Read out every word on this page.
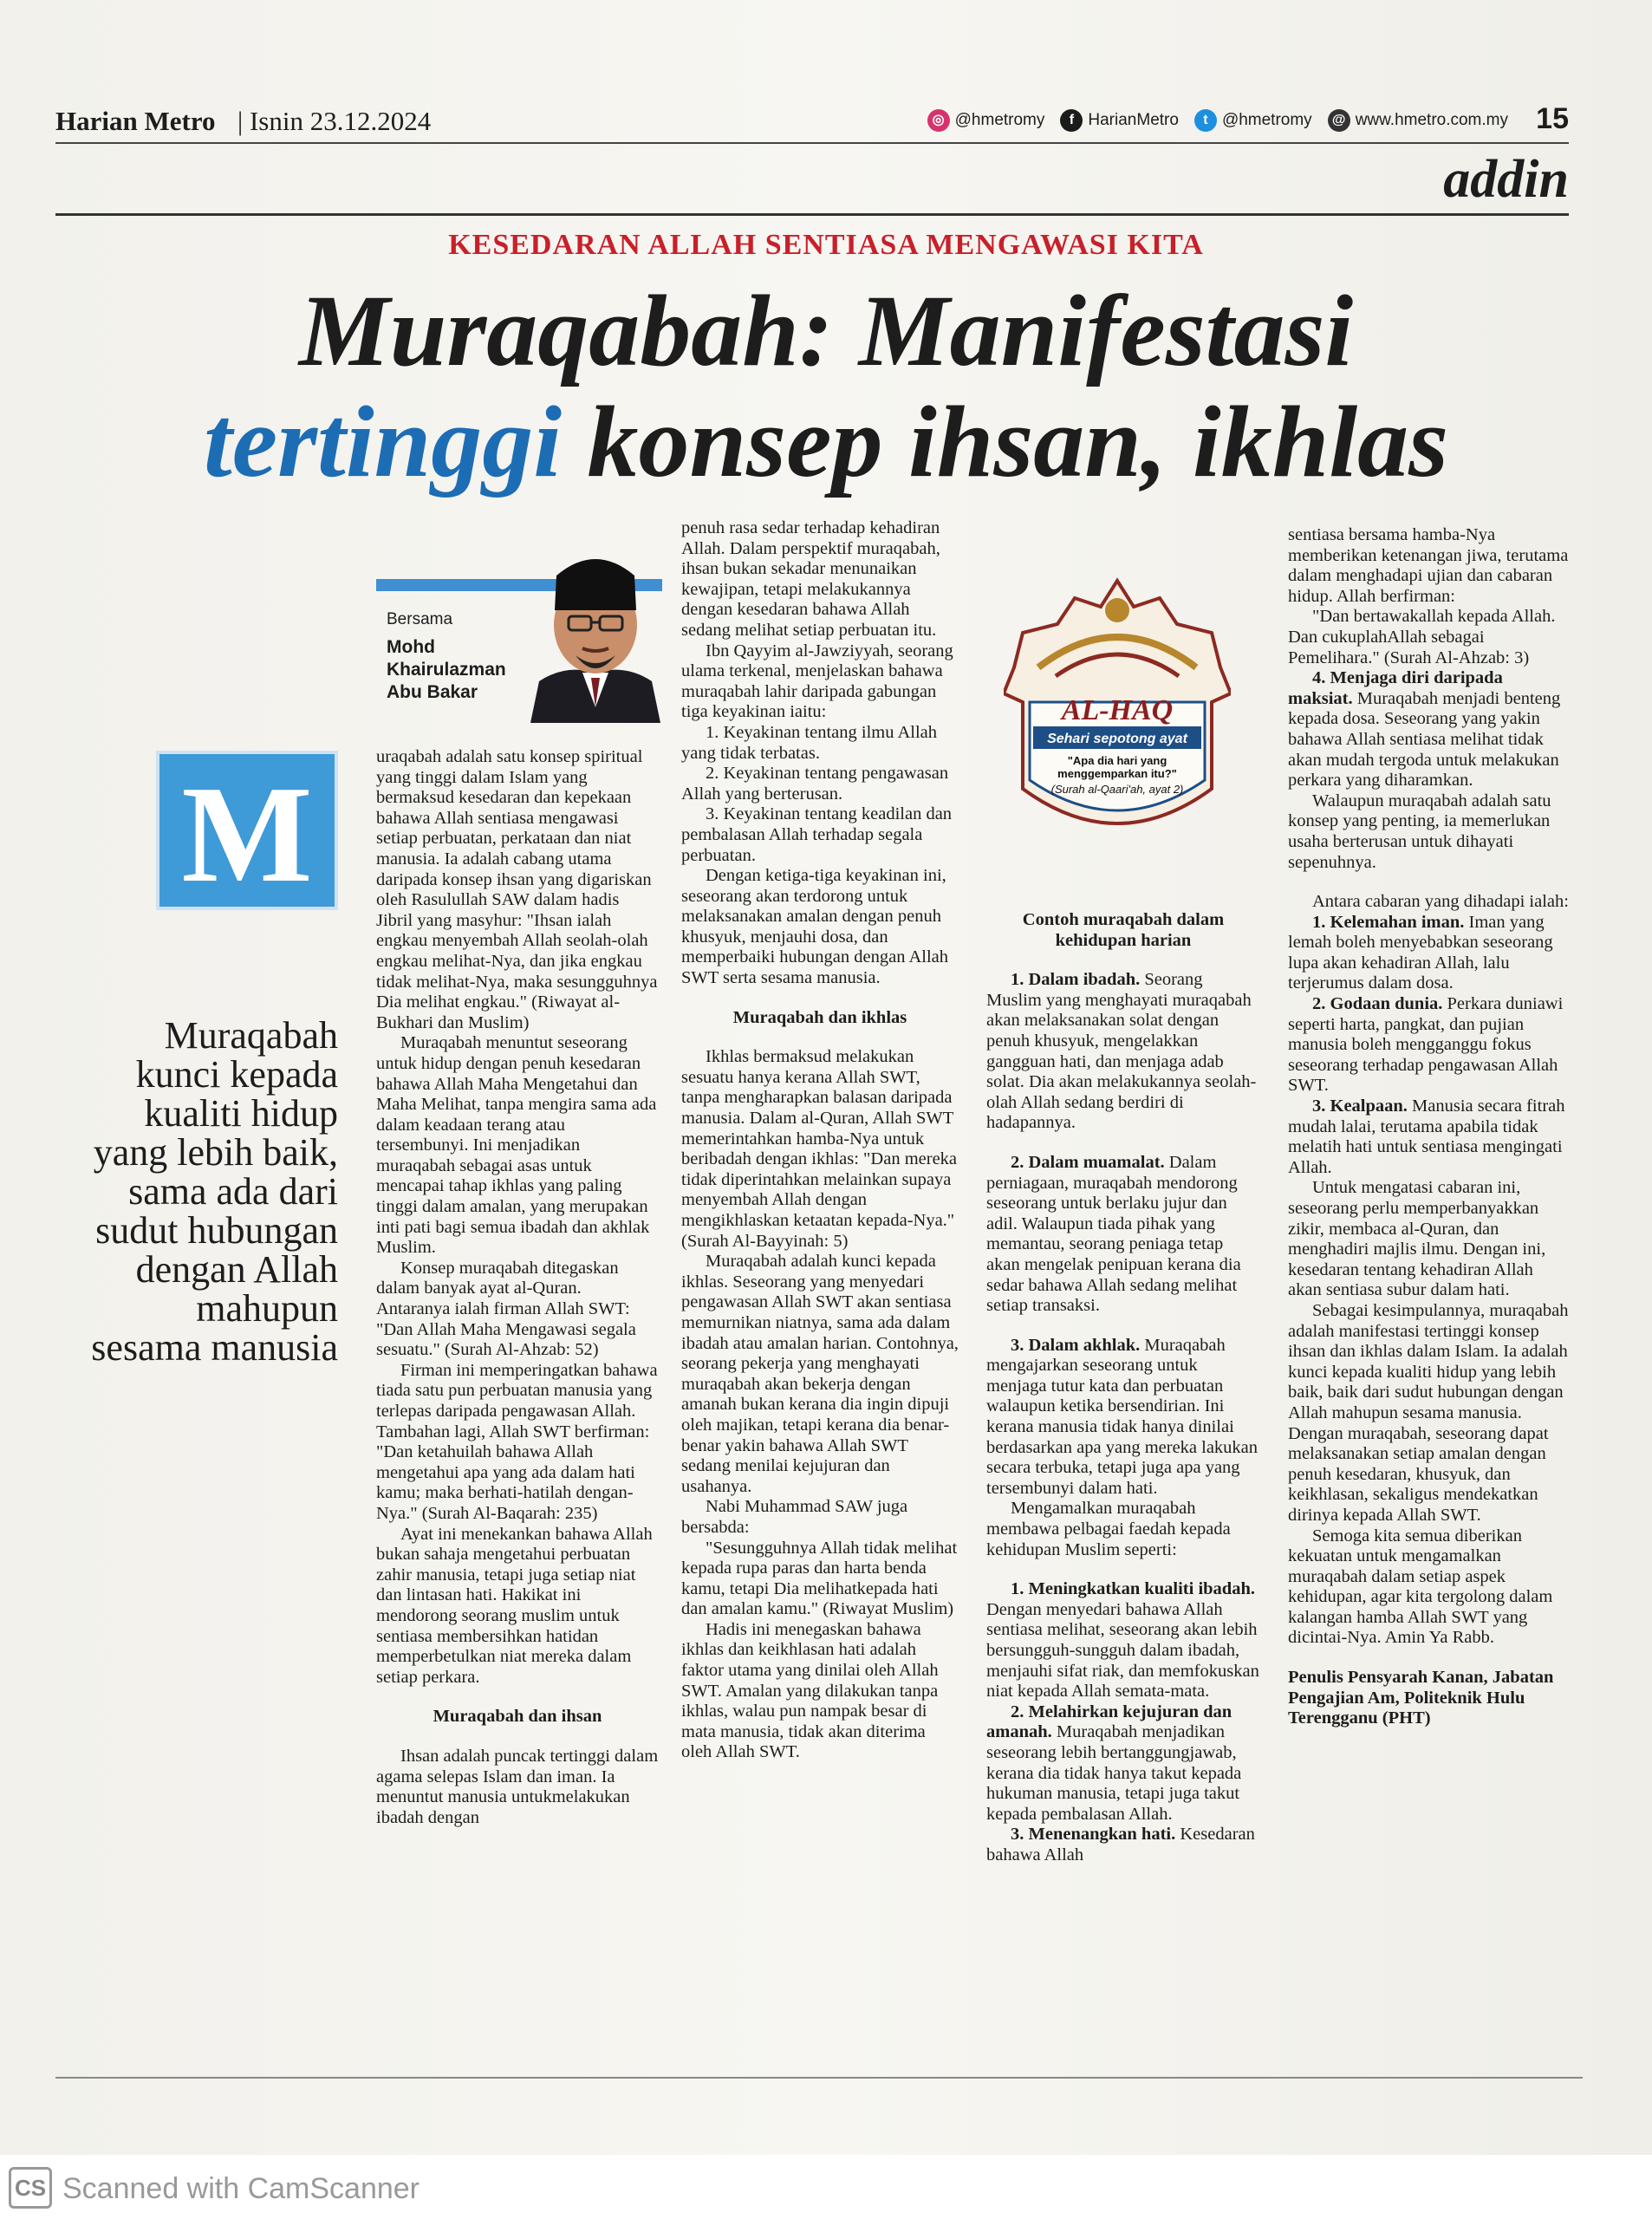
Harian Metro | Isnin 23.12.2024	◎ @hmetromy	f HarianMetro	t @hmetromy	@ www.hmetro.com.my 15
addin
KESEDARAN ALLAH SENTIASA MENGAWASI KITA
Muraqabah: Manifestasi
tertinggi konsep ihsan, ikhlas
Bersama
Mohd Khairulazman Abu Bakar
M
Muraqabah kunci kepada kualiti hidup yang lebih baik, sama ada dari sudut hubungan dengan Allah mahupun sesama manusia

uraqabah adalah satu konsep spiritual yang tinggi dalam Islam yang bermaksud kesedaran dan kepekaan bahawa Allah sentiasa mengawasi setiap perbuatan, perkataan dan niat manusia. Ia adalah cabang utama daripada konsep ihsan yang digariskan oleh Rasulullah SAW dalam hadis Jibril yang masyhur: "Ihsan ialah engkau menyembah Allah seolah-olah engkau melihat-Nya, dan jika engkau tidak melihat-Nya, maka sesungguhnya Dia melihat engkau." (Riwayat al-Bukhari dan Muslim)

Muraqabah menuntut seseorang untuk hidup dengan penuh kesedaran bahawa Allah Maha Mengetahui dan Maha Melihat, tanpa mengira sama ada dalam keadaan terang atau tersembunyi. Ini menjadikan muraqabah sebagai asas untuk mencapai tahap ikhlas yang paling tinggi dalam amalan, yang merupakan inti pati bagi semua ibadah dan akhlak Muslim.

Konsep muraqabah ditegaskan dalam banyak ayat al-Quran. Antaranya ialah firman Allah SWT: "Dan Allah Maha Mengawasi segala sesuatu." (Surah Al-Ahzab: 52)

Firman ini memperingatkan bahawa tiada satu pun perbuatan manusia yang terlepas daripada pengawasan Allah. Tambahan lagi, Allah SWT berfirman: "Dan ketahuilah bahawa Allah mengetahui apa yang ada dalam hati kamu; maka berhati-hatilah dengan-Nya." (Surah Al-Baqarah: 235)

Ayat ini menekankan bahawa Allah bukan sahaja mengetahui perbuatan zahir manusia, tetapi juga setiap niat dan lintasan hati. Hakikat ini mendorong seorang muslim untuk sentiasa membersihkan hatidan memperbetulkan niat mereka dalam setiap perkara.

Muraqabah dan ihsan

Ihsan adalah puncak tertinggi dalam agama selepas Islam dan iman. Ia menuntut manusia untukmelakukan ibadah dengan

penuh rasa sedar terhadap kehadiran Allah. Dalam perspektif muraqabah, ihsan bukan sekadar menunaikan kewajipan, tetapi melakukannya dengan kesedaran bahawa Allah sedang melihat setiap perbuatan itu.

Ibn Qayyim al-Jawziyyah, seorang ulama terkenal, menjelaskan bahawa muraqabah lahir daripada gabungan tiga keyakinan iaitu:

1. Keyakinan tentang ilmu Allah yang tidak terbatas.

2. Keyakinan tentang pengawasan Allah yang berterusan.

3. Keyakinan tentang keadilan dan pembalasan Allah terhadap segala perbuatan.

Dengan ketiga-tiga keyakinan ini, seseorang akan terdorong untuk melaksanakan amalan dengan penuh khusyuk, menjauhi dosa, dan memperbaiki hubungan dengan Allah SWT serta sesama manusia.

Muraqabah dan ikhlas

Ikhlas bermaksud melakukan sesuatu hanya kerana Allah SWT, tanpa mengharapkan balasan daripada manusia. Dalam al-Quran, Allah SWT memerintahkan hamba-Nya untuk beribadah dengan ikhlas: "Dan mereka tidak diperintahkan melainkan supaya menyembah Allah dengan mengikhlaskan ketaatan kepada-Nya." (Surah Al-Bayyinah: 5)

Muraqabah adalah kunci kepada ikhlas. Seseorang yang menyedari pengawasan Allah SWT akan sentiasa memurnikan niatnya, sama ada dalam ibadah atau amalan harian. Contohnya, seorang pekerja yang menghayati muraqabah akan bekerja dengan amanah bukan kerana dia ingin dipuji oleh majikan, tetapi kerana dia benar-benar yakin bahawa Allah SWT sedang menilai kejujuran dan usahanya.

Nabi Muhammad SAW juga bersabda:

"Sesungguhnya Allah tidak melihat kepada rupa paras dan harta benda kamu, tetapi Dia melihatkepada hati dan amalan kamu." (Riwayat Muslim)

Hadis ini menegaskan bahawa ikhlas dan keikhlasan hati adalah faktor utama yang dinilai oleh Allah SWT. Amalan yang dilakukan tanpa ikhlas, walau pun nampak besar di mata manusia, tidak akan diterima oleh Allah SWT.

AL-HAQ
Sehari sepotong ayat
"Apa dia hari yang menggemparkan itu?"
(Surah al-Qaari'ah, ayat 2)

Contoh muraqabah dalam kehidupan harian

1. Dalam ibadah. Seorang Muslim yang menghayati muraqabah akan melaksanakan solat dengan penuh khusyuk, mengelakkan gangguan hati, dan menjaga adab solat. Dia akan melakukannya seolah-olah Allah sedang berdiri di hadapannya.

2. Dalam muamalat. Dalam perniagaan, muraqabah mendorong seseorang untuk berlaku jujur dan adil. Walaupun tiada pihak yang memantau, seorang peniaga tetap akan mengelak penipuan kerana dia sedar bahawa Allah sedang melihat setiap transaksi.

3. Dalam akhlak. Muraqabah mengajarkan seseorang untuk menjaga tutur kata dan perbuatan walaupun ketika bersendirian. Ini kerana manusia tidak hanya dinilai berdasarkan apa yang mereka lakukan secara terbuka, tetapi juga apa yang tersembunyi dalam hati.

Mengamalkan muraqabah membawa pelbagai faedah kepada kehidupan Muslim seperti:

1. Meningkatkan kualiti ibadah. Dengan menyedari bahawa Allah sentiasa melihat, seseorang akan lebih bersungguh-sungguh dalam ibadah, menjauhi sifat riak, dan memfokuskan niat kepada Allah semata-mata.

2. Melahirkan kejujuran dan amanah. Muraqabah menjadikan seseorang lebih bertanggungjawab, kerana dia tidak hanya takut kepada hukuman manusia, tetapi juga takut kepada pembalasan Allah.

3. Menenangkan hati. Kesedaran bahawa Allah

sentiasa bersama hamba-Nya memberikan ketenangan jiwa, terutama dalam menghadapi ujian dan cabaran hidup. Allah berfirman:

"Dan bertawakallah kepada Allah. Dan cukuplahAllah sebagai Pemelihara." (Surah Al-Ahzab: 3)

4. Menjaga diri daripada maksiat. Muraqabah menjadi benteng kepada dosa. Seseorang yang yakin bahawa Allah sentiasa melihat tidak akan mudah tergoda untuk melakukan perkara yang diharamkan.

Walaupun muraqabah adalah satu konsep yang penting, ia memerlukan usaha berterusan untuk dihayati sepenuhnya.

Antara cabaran yang dihadapi ialah:

1. Kelemahan iman. Iman yang lemah boleh menyebabkan seseorang lupa akan kehadiran Allah, lalu terjerumus dalam dosa.

2. Godaan dunia. Perkara duniawi seperti harta, pangkat, dan pujian manusia boleh mengganggu fokus seseorang terhadap pengawasan Allah SWT.

3. Kealpaan. Manusia secara fitrah mudah lalai, terutama apabila tidak melatih hati untuk sentiasa mengingati Allah.

Untuk mengatasi cabaran ini, seseorang perlu memperbanyakkan zikir, membaca al-Quran, dan menghadiri majlis ilmu. Dengan ini, kesedaran tentang kehadiran Allah akan sentiasa subur dalam hati.

Sebagai kesimpulannya, muraqabah adalah manifestasi tertinggi konsep ihsan dan ikhlas dalam Islam. Ia adalah kunci kepada kualiti hidup yang lebih baik, baik dari sudut hubungan dengan Allah mahupun sesama manusia. Dengan muraqabah, seseorang dapat melaksanakan setiap amalan dengan penuh kesedaran, khusyuk, dan keikhlasan, sekaligus mendekatkan dirinya kepada Allah SWT.

Semoga kita semua diberikan kekuatan untuk mengamalkan muraqabah dalam setiap aspek kehidupan, agar kita tergolong dalam kalangan hamba Allah SWT yang dicintai-Nya. Amin Ya Rabb.

Penulis Pensyarah Kanan, Jabatan Pengajian Am, Politeknik Hulu Terengganu (PHT)

CS Scanned with CamScanner
